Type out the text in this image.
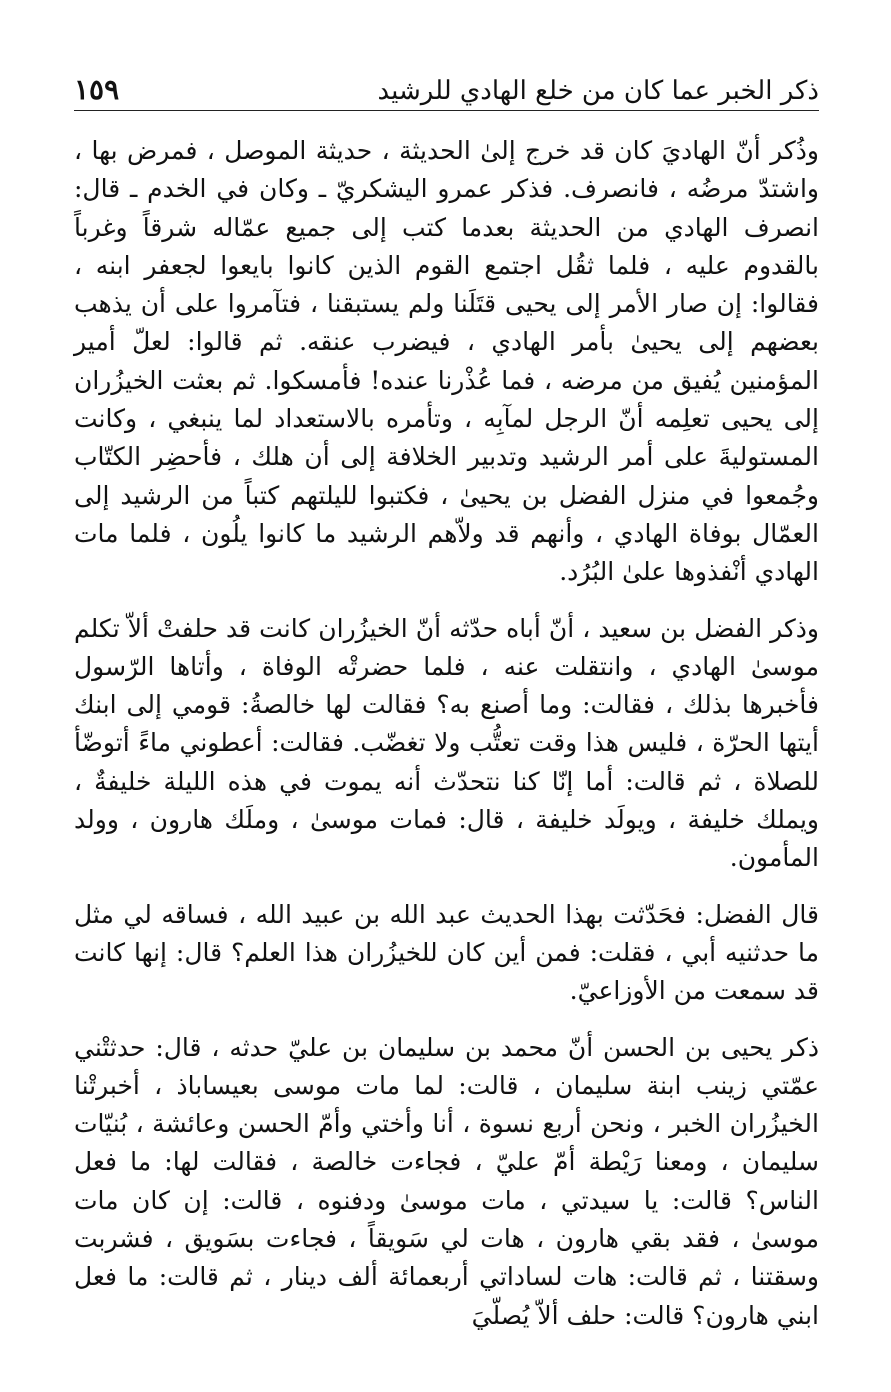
ذكر الخبر عما كان من خلع الهادي للرشيد
١٥٩

وذُكر أنّ الهاديَ كان قد خرج إلىٰ الحديثة ، حديثة الموصل ، فمرض بها ، واشتدّ مرضُه ، فانصرف. فذكر عمرو اليشكريّ ـ وكان في الخدم ـ قال: انصرف الهادي من الحديثة بعدما كتب إلى جميع عمّاله شرقاً وغرباً بالقدوم عليه ، فلما ثقُل اجتمع القوم الذين كانوا بايعوا لجعفر ابنه ، فقالوا: إن صار الأمر إلى يحيى قتَلَنا ولم يستبقنا ، فتآمروا على أن يذهب بعضهم إلى يحيىٰ بأمر الهادي ، فيضرب عنقه. ثم قالوا: لعلّ أمير المؤمنين يُفيق من مرضه ، فما عُذْرنا عنده! فأمسكوا. ثم بعثت الخيزُران إلى يحيى تعلِمه أنّ الرجل لمآبِه ، وتأمره بالاستعداد لما ينبغي ، وكانت المستوليةَ على أمر الرشيد وتدبير الخلافة إلى أن هلك ، فأحضِر الكتّاب وجُمعوا في منزل الفضل بن يحيىٰ ، فكتبوا لليلتهم كتباً من الرشيد إلى العمّال بوفاة الهادي ، وأنهم قد ولاّهم الرشيد ما كانوا يلُون ، فلما مات الهادي أنْفذوها علىٰ البُرُد.

وذكر الفضل بن سعيد ، أنّ أباه حدّثه أنّ الخيزُران كانت قد حلفتْ ألاّ تكلم موسىٰ الهادي ، وانتقلت عنه ، فلما حضرتْه الوفاة ، وأتاها الرّسول فأخبرها بذلك ، فقالت: وما أصنع به؟ فقالت لها خالصةُ: قومي إلى ابنك أيتها الحرّة ، فليس هذا وقت تعتُّب ولا تغضّب. فقالت: أعطوني ماءً أتوضّأ للصلاة ، ثم قالت: أما إنّا كنا نتحدّث أنه يموت في هذه الليلة خليفةٌ ، ويملك خليفة ، ويولَد خليفة ، قال: فمات موسىٰ ، وملَك هارون ، وولد المأمون.

قال الفضل: فحَدّثت بهذا الحديث عبد الله بن عبيد الله ، فساقه لي مثل ما حدثنيه أبي ، فقلت: فمن أين كان للخيزُران هذا العلم؟ قال: إنها كانت قد سمعت من الأوزاعيّ.

ذكر يحيى بن الحسن أنّ محمد بن سليمان بن عليّ حدثه ، قال: حدثتْني عمّتي زينب ابنة سليمان ، قالت: لما مات موسى بعيساباذ ، أخبرتْنا الخيزُران الخبر ، ونحن أربع نسوة ، أنا وأختي وأمّ الحسن وعائشة ، بُنيّات سليمان ، ومعنا رَيْطة أمّ عليّ ، فجاءت خالصة ، فقالت لها: ما فعل الناس؟ قالت: يا سيدتي ، مات موسىٰ ودفنوه ، قالت: إن كان مات موسىٰ ، فقد بقي هارون ، هات لي سَويقاً ، فجاءت بسَويق ، فشربت وسقتنا ، ثم قالت: هات لساداتي أربعمائة ألف دينار ، ثم قالت: ما فعل ابني هارون؟ قالت: حلف ألاّ يُصلّيَ
